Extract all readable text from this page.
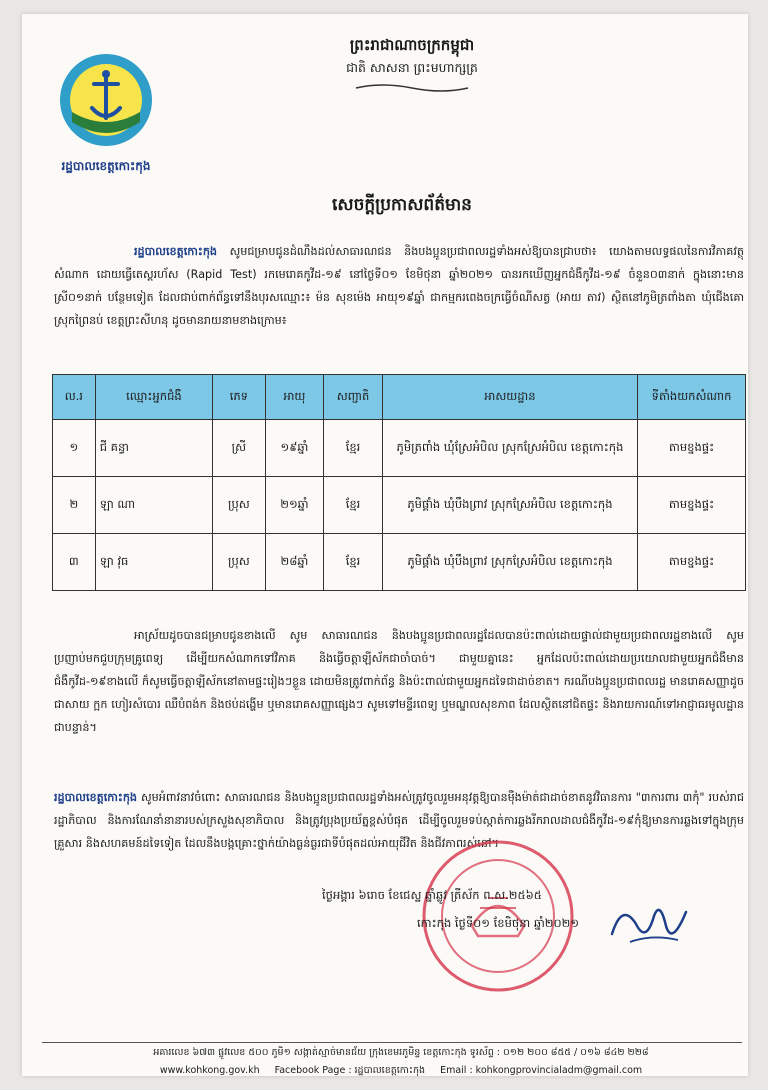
រដ្ឋបាលខេត្តកោះកុង
ព្រះរាជាណាចក្រកម្ពុជា
ជាតិ សាសនា ព្រះមហាក្សត្រ
សេចក្តីប្រកាសព័ត៌មាន
រដ្ឋបាលខេត្តកោះកុង សូមជម្រាបជូនដំណឹងដល់សាធារណជន និងបងប្អូនប្រជាពលរដ្ឋទាំងអស់ឱ្យបានជ្រាបថា៖ យោងតាមលទ្ធផលនៃការវិភាគវត្ថុសំណាក ដោយធ្វើតេស្តរហ័ស (Rapid Test) រកមេរោគកូវីដ-១៩ នៅថ្ងៃទី០១ ខែមិថុនា ឆ្នាំ២០២១ បានរកឃើញអ្នកជំងឺកូវីដ-១៩ ចំនួន០៣នាក់ ក្នុងនោះមានស្រី០១នាក់ បន្ថែមទៀត ដែលជាប់ពាក់ព័ន្ធទៅនឹងបុរសឈ្មោះ៖ ម៉ន សុខម៉េង អាយុ១៩ឆ្នាំ ជាកម្មករពេងចក្រធ្វើចំណីសត្វ (អាយ តាវ) ស្ថិតនៅភូមិត្រពាំងតា ឃុំជើងគោ ស្រុកព្រៃនប់ ខេត្តព្រះសីហនុ ដូចមានរាយនាមខាងក្រោម៖
ល.រ	ឈ្មោះអ្នកជំងឺ	ភេទ	អាយុ	សញ្ជាតិ	អាសយដ្ឋាន	ទីតាំងយកសំណាក
១	ជី គន្ធា	ស្រី	១៩ឆ្នាំ	ខ្មែរ	ភូមិត្រពាំង ឃុំស្រែអំបិល ស្រុកស្រែអំបិល ខេត្តកោះកុង	តាមខ្នងផ្ទះ
២	ឡា ណា	ប្រុស	២១ឆ្នាំ	ខ្មែរ	ភូមិផ្គាំង ឃុំបឹងព្រាវ ស្រុកស្រែអំបិល ខេត្តកោះកុង	តាមខ្នងផ្ទះ
៣	ឡា វុធ	ប្រុស	២៨ឆ្នាំ	ខ្មែរ	ភូមិផ្គាំង ឃុំបឹងព្រាវ ស្រុកស្រែអំបិល ខេត្តកោះកុង	តាមខ្នងផ្ទះ
អាស្រ័យដូចបានជម្រាបជូនខាងលើ សូម សាធារណជន និងបងប្អូនប្រជាពលរដ្ឋដែលបានប៉ះពាល់ដោយផ្ទាល់ជាមួយប្រជាពលរដ្ឋខាងលើ សូមប្រញាប់មកជួបក្រុមគ្រូពេទ្យ ដើម្បីយកសំណាកទៅវិភាគ និងធ្វើចត្តាឡីស័កជាចាំបាច់។ ជាមួយគ្នានេះ អ្នកដែលប៉ះពាល់ដោយប្រយោលជាមួយអ្នកជំងឺមានជំងឺកូវីដ-១៩ខាងលើ ក៏សូមធ្វើចត្តាឡីស័កនៅតាមផ្ទះរៀងៗខ្លួន ដោយមិនត្រូវពាក់ព័ន្ធ និងប៉ះពាល់ជាមួយអ្នកដទៃជាដាច់ខាត។ ករណីបងប្អូនប្រជាពលរដ្ឋ មានរោគសញ្ញាដូចជាសាយ ក្អក ហៀរសំបោរ ឈឺបំពង់ក និងថប់ដង្ហើម ឬមានរោគសញ្ញាផ្សេងៗ សូមទៅមន្ទីរពេទ្យ ឬមណ្ឌលសុខភាព ដែលស្ថិតនៅជិតផ្ទះ និងរាយការណ៍ទៅអាជ្ញាធរមូលដ្ឋានជាបន្ទាន់។
រដ្ឋបាលខេត្តកោះកុង សូមអំពាវនាវចំពោះ សាធារណជន និងបងប្អូនប្រជាពលរដ្ឋទាំងអស់ត្រូវចូលរួមអនុវត្តឱ្យបានម៉ឺងម៉ាត់ជាដាច់ខាតនូវវិធានការ "៣ការពារ ៣កុំ" របស់រាជរដ្ឋាភិបាល និងការណែនាំនានារបស់ក្រសួងសុខាភិបាល និងត្រូវប្រុងប្រយ័ត្នខ្ពស់បំផុត ដើម្បីចូលរួមទប់ស្កាត់ការឆ្លងរីករាលដាលជំងឺកូវីដ-១៩កុំឱ្យមានការឆ្លងទៅក្នុងក្រុមគ្រួសារ និងសហគមន៍ដទៃទៀត ដែលនឹងបង្កគ្រោះថ្នាក់យ៉ាងធ្ងន់ធ្ងរជាទីបំផុតដល់អាយុជីវិត និងជីវភាពរស់នៅ។
ថ្ងៃអង្គារ ៦រោច ខែជេស្ឋ ឆ្នាំឆ្លូវ ត្រីស័ក ព.ស.២៥៦៥
កោះកុង ថ្ងៃទី០១ ខែមិថុនា ឆ្នាំ២០២១
អគារលេខ ៦៧៣ ផ្លូវលេខ ៥០០ ភូមិ១ សង្កាត់ស្មាច់មានជ័យ ក្រុងខេមរភូមិន្ទ ខេត្តកោះកុង ទូរស័ព្ទ : ០១២ ២០០ ៨៥៥ / ០១៦ ៨៤២ ២២៨
www.kohkong.gov.kh Facebook Page : រដ្ឋបាលខេត្តកោះកុង Email : kohkongprovincialadm@gmail.com
